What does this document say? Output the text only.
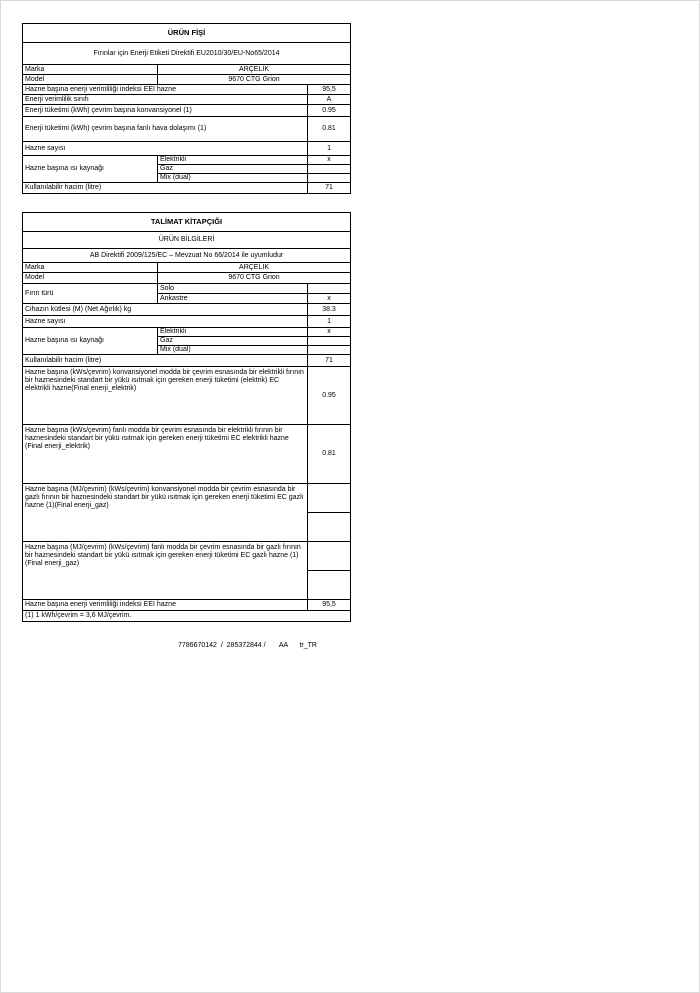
ÜRÜN FİŞİ		
Fırınlar için Enerji Etiketi Direktifi EU2010/30/EU-No65/2014		
Marka	ARÇELİK	
Model	9670 CTG Grion	
Hazne başına enerji verimliliği indeksi EEI hazne		95,5
Enerji verimlilik sınıfı		A
Enerji tüketimi (kWh) çevrim başına konvansiyonel (1)		0.95
Enerji tüketimi (kWh) çevrim başına fanlı hava dolaşımı (1)		0.81
Hazne sayısı		1
Hazne başına ısı kaynağı	Elektrikli	x
	Gaz	
	Mix (dual)	
Kullanılabilir hacim (litre)		71
TALİMAT KİTAPÇIĞI		
ÜRÜN BİLGİLERİ		
AB Direktifi 2009/125/EC – Mevzuat No 66/2014 ile uyumludur		
Marka	ARÇELİK	
Model	9670 CTG Grion	
Fırın türü	Solo	
	Ankastre	x
Cihazın kütlesi (M) (Net Ağırlık) kg		38.3
Hazne sayısı		1
Hazne başına ısı kaynağı	Elektrikli	x
	Gaz	
	Mix (dual)	
Kullanılabilir hacim (litre)		71
Hazne başına (kWs/çevrim) konvansiyonel modda bir çevrim esnasında bir elektrikli fırının bir haznesindeki standart bir yükü ısıtmak için gereken enerji tüketimi (elektrik) EC elektrikli hazne(Final enerji_elektrik)		0.95
Hazne başına (kWs/çevrim) fanlı modda bir çevrim esnasında bir elektrikli fırının bir haznesindeki standart bir yükü ısıtmak için gereken enerji tüketimi EC elektrikli hazne (Final enerji_elektrik)		0.81
Hazne başına (MJ/çevrim) (kWs/çevrim) konvansiyonel modda bir çevrim esnasında bir gazlı fırının bir haznesindeki standart bir yükü ısıtmak için gereken enerji tüketimi EC gazlı hazne (1)(Final enerji_gaz)		

Hazne başına (MJ/çevrim) (kWs/çevrim) fanlı modda bir çevrim esnasında bir gazlı fırının bir haznesindeki standart bir yükü ısıtmak için gereken enerji tüketimi EC gazlı hazne (1)(Final enerji_gaz)		

Hazne başına enerji verimliliği indeksi EEI hazne		95,5
(1) 1 kWh/çevrim = 3,6 MJ/çevrim.		
7786670142 /  285372844 / AA tr_TR
